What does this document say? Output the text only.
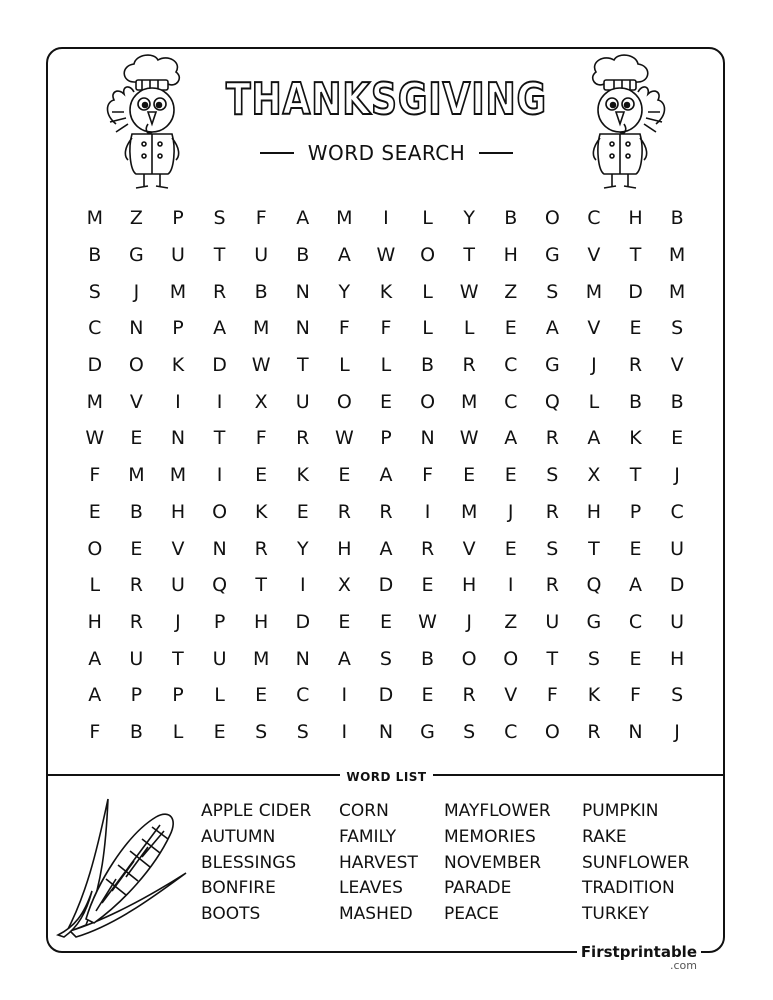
THANKSGIVING
WORD SEARCH
M	Z	P	S	F	A	M	I	L	Y	B	O	C	H	B
B	G	U	T	U	B	A	W	O	T	H	G	V	T	M
S	J	M	R	B	N	Y	K	L	W	Z	S	M	D	M
C	N	P	A	M	N	F	F	L	L	E	A	V	E	S
D	O	K	D	W	T	L	L	B	R	C	G	J	R	V
M	V	I	I	X	U	O	E	O	M	C	Q	L	B	B
W	E	N	T	F	R	W	P	N	W	A	R	A	K	E
F	M	M	I	E	K	E	A	F	E	E	S	X	T	J
E	B	H	O	K	E	R	R	I	M	J	R	H	P	C
O	E	V	N	R	Y	H	A	R	V	E	S	T	E	U
L	R	U	Q	T	I	X	D	E	H	I	R	Q	A	D
H	R	J	P	H	D	E	E	W	J	Z	U	G	C	U
A	U	T	U	M	N	A	S	B	O	O	T	S	E	H
A	P	P	L	E	C	I	D	E	R	V	F	K	F	S
F	B	L	E	S	S	I	N	G	S	C	O	R	N	J
WORD LIST
APPLE CIDER
AUTUMN
BLESSINGS
BONFIRE
BOOTS
CORN
FAMILY
HARVEST
LEAVES
MASHED
MAYFLOWER
MEMORIES
NOVEMBER
PARADE
PEACE
PUMPKIN
RAKE
SUNFLOWER
TRADITION
TURKEY
Firstprintable
.com
